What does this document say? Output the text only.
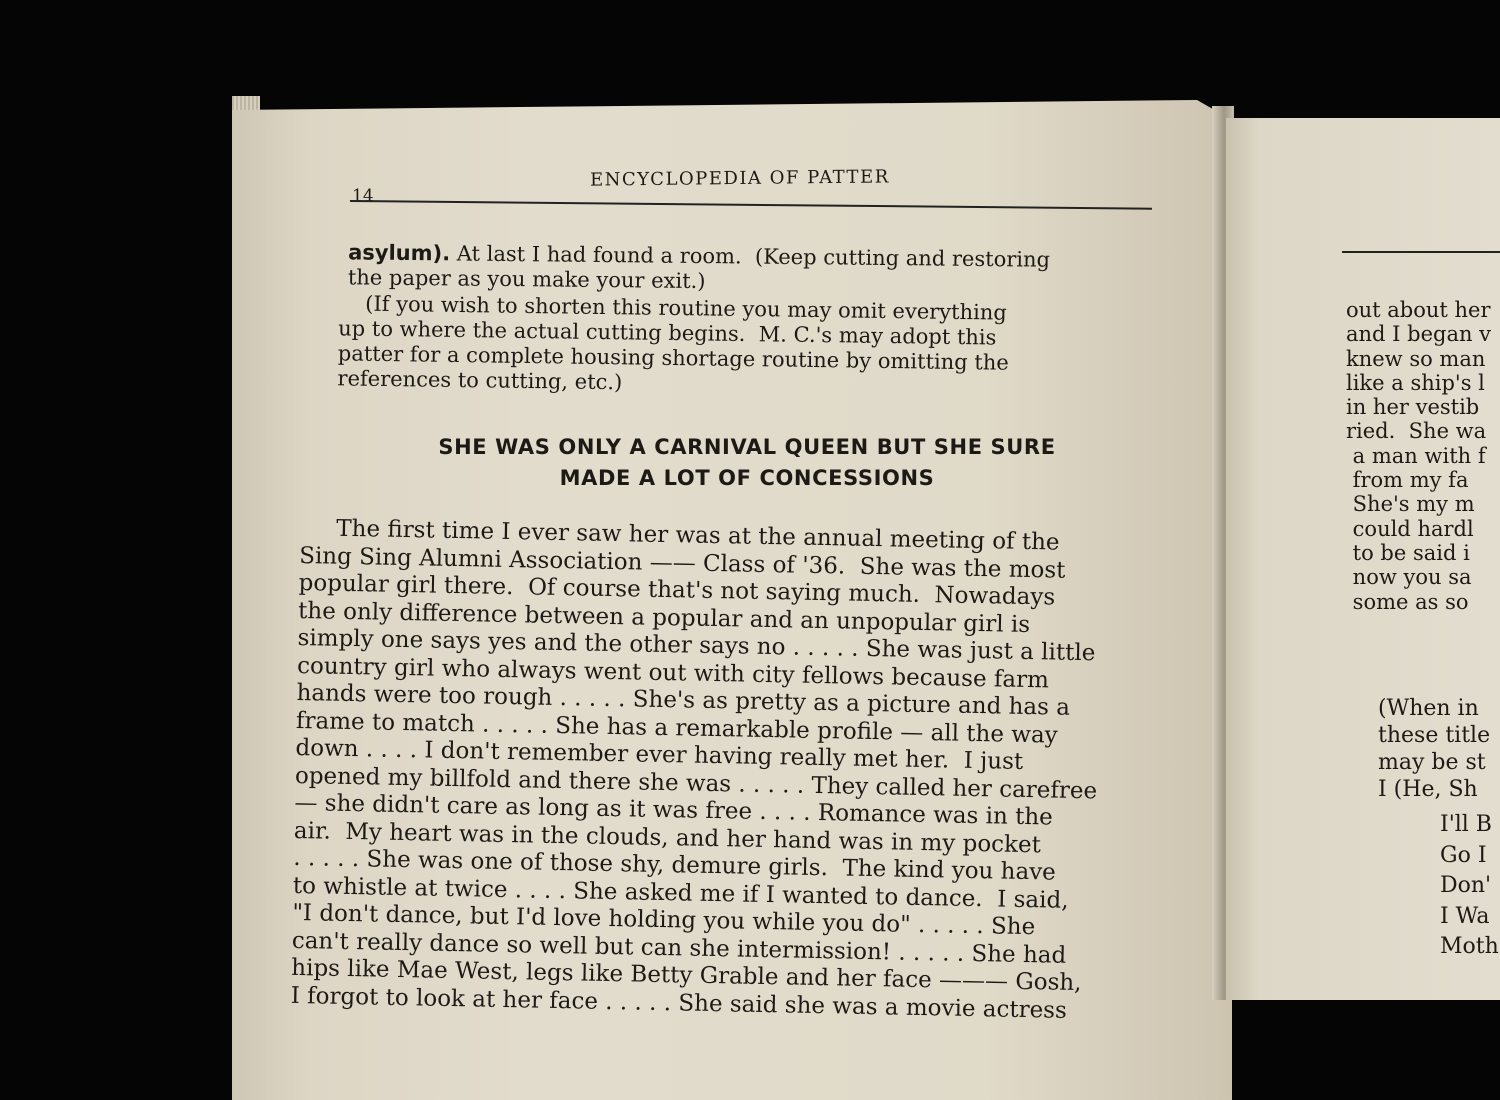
14
ENCYCLOPEDIA OF PATTER
asylum). At last I had found a room.  (Keep cutting and restoring
the paper as you make your exit.)
(If you wish to shorten this routine you may omit everything
up to where the actual cutting begins.  M. C.'s may adopt this
patter for a complete housing shortage routine by omitting the
references to cutting, etc.)
SHE WAS ONLY A CARNIVAL QUEEN BUT SHE SURE
MADE A LOT OF CONCESSIONS
The first time I ever saw her was at the annual meeting of the
Sing Sing Alumni Association —— Class of '36.  She was the most
popular girl there.  Of course that's not saying much.  Nowadays
the only difference between a popular and an unpopular girl is
simply one says yes and the other says no . . . . . She was just a little
country girl who always went out with city fellows because farm
hands were too rough . . . . . She's as pretty as a picture and has a
frame to match . . . . . She has a remarkable profile — all the way
down . . . . I don't remember ever having really met her.  I just
opened my billfold and there she was . . . . . They called her carefree
— she didn't care as long as it was free . . . . Romance was in the
air.  My heart was in the clouds, and her hand was in my pocket
. . . . . She was one of those shy, demure girls.  The kind you have
to whistle at twice . . . . She asked me if I wanted to dance.  I said,
"I don't dance, but I'd love holding you while you do" . . . . . She
can't really dance so well but can she intermission! . . . . . She had
hips like Mae West, legs like Betty Grable and her face ——— Gosh,
I forgot to look at her face . . . . . She said she was a movie actress
out about her
and I began v
knew so man
like a ship's l
in her vestib
ried.  She wa
a man with f
from my fa
She's my m
could hardl
to be said i
now you sa
some as so
(When in
these title
may be st
I (He, Sh
I'll B
Go I
Don'
I Wa
Moth
